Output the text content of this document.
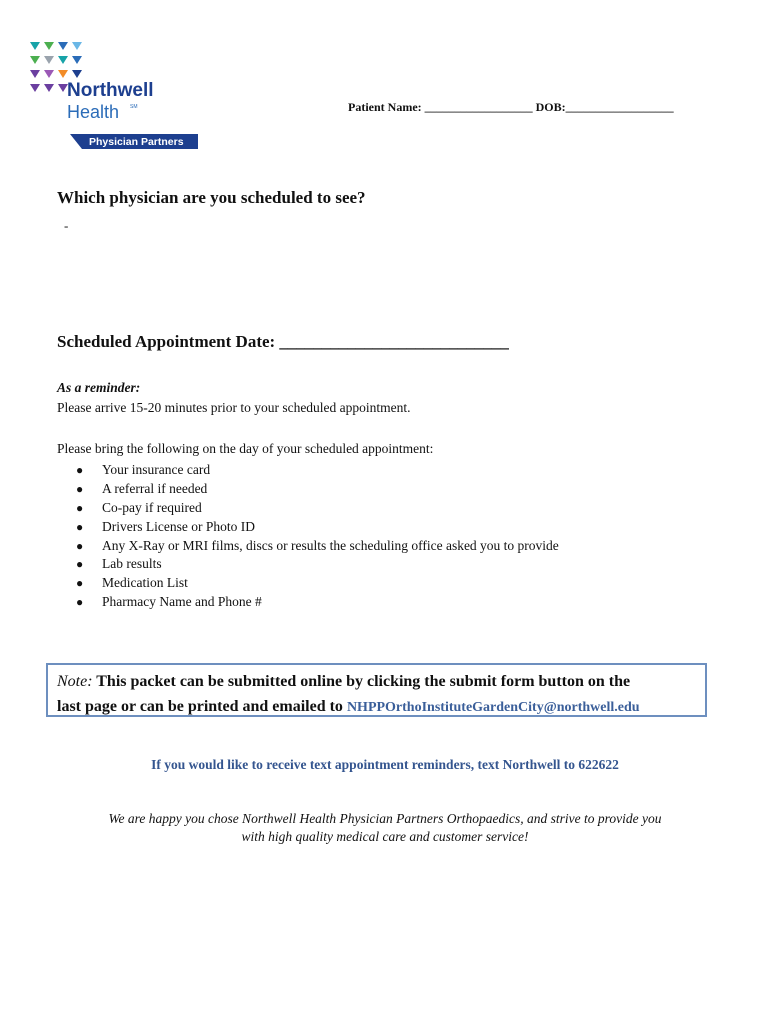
Northwell
Health SM
Physician Partners
Patient Name: __________________ DOB:__________________
Which physician are you scheduled to see?
-
Scheduled Appointment Date: ___________________________
As a reminder:
Please arrive 15-20 minutes prior to your scheduled appointment.
Please bring the following on the day of your scheduled appointment:
● Your insurance card
● A referral if needed
● Co-pay if required
● Drivers License or Photo ID
● Any X-Ray or MRI films, discs or results the scheduling office asked you to provide
● Lab results
● Medication List
● Pharmacy Name and Phone #
Note: This packet can be submitted online by clicking the submit form button on the
last page or can be printed and emailed to NHPPOrthoInstituteGardenCity@northwell.edu
If you would like to receive text appointment reminders, text Northwell to 622622
We are happy you chose Northwell Health Physician Partners Orthopaedics, and strive to provide you
with high quality medical care and customer service!
